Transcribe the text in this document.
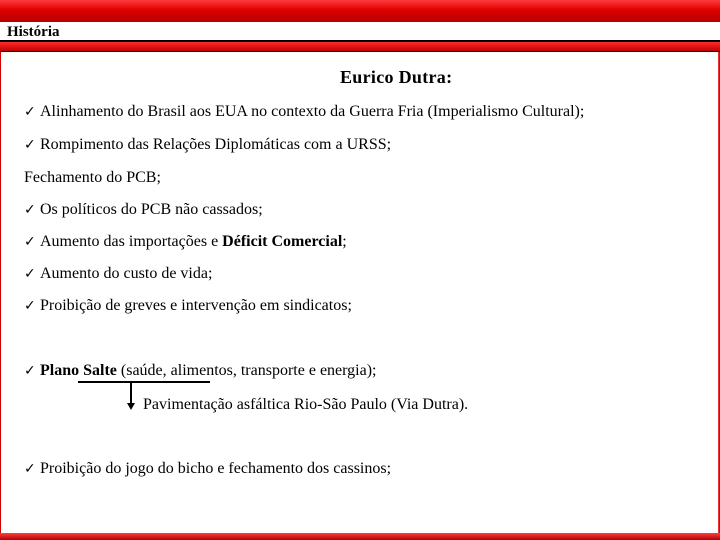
História
Eurico Dutra:
✓ Alinhamento do Brasil aos EUA no contexto da Guerra Fria (Imperialismo Cultural);
✓ Rompimento das Relações Diplomáticas com a URSS;
Fechamento do PCB;
✓ Os políticos do PCB não cassados;
✓ Aumento das importações e Déficit Comercial;
✓ Aumento do custo de vida;
✓ Proibição de greves e intervenção em sindicatos;
✓ Plano Salte (saúde, alimentos, transporte e energia);
Pavimentação asfáltica Rio-São Paulo (Via Dutra).
✓ Proibição do jogo do bicho e fechamento dos cassinos;
